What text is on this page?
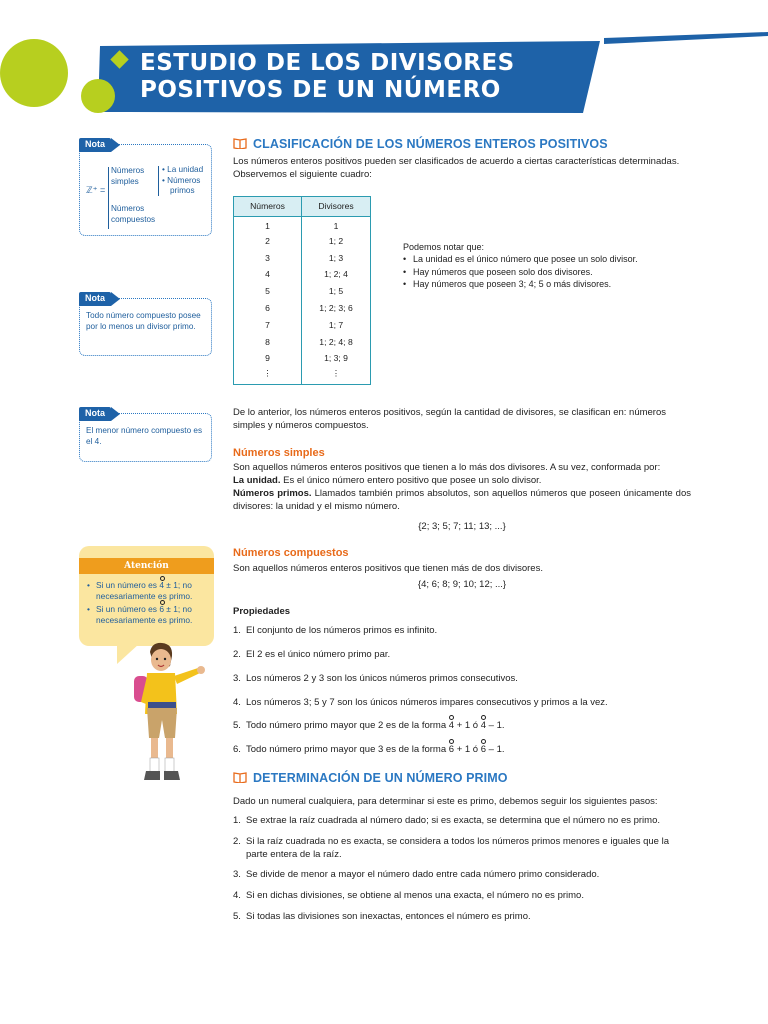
ESTUDIO DE LOS DIVISORES
POSITIVOS DE UN NÚMERO
Nota
ℤ⁺ =
Números simples
Números compuestos
• La unidad
• Números primos
Nota
Todo número compuesto posee por lo menos un divisor primo.
Nota
El menor número compuesto es el 4.
Atención
• Si un número es 4 ± 1; no necesariamente es primo.
• Si un número es 6 ± 1; no necesariamente es primo.
CLASIFICACIÓN DE LOS NÚMEROS ENTEROS POSITIVOS
Los números enteros positivos pueden ser clasificados de acuerdo a ciertas características determinadas. Observemos el siguiente cuadro:
Números	Divisores
1	1
2	1; 2
3	1; 3
4	1; 2; 4
5	1; 5
6	1; 2; 3; 6
7	1; 7
8	1; 2; 4; 8
9	1; 3; 9
⋮	⋮
Podemos notar que:
• La unidad es el único número que posee un solo divisor.
• Hay números que poseen solo dos divisores.
• Hay números que poseen 3; 4; 5 o más divisores.
De lo anterior, los números enteros positivos, según la cantidad de divisores, se clasifican en: números simples y números compuestos.
Números simples
Son aquellos números enteros positivos que tienen a lo más dos divisores. A su vez, conformada por:
La unidad. Es el único número entero positivo que posee un solo divisor.
Números primos. Llamados también primos absolutos, son aquellos números que poseen únicamente dos divisores: la unidad y el mismo número.
{2; 3; 5; 7; 11; 13; ...}
Números compuestos
Son aquellos números enteros positivos que tienen más de dos divisores.
{4; 6; 8; 9; 10; 12; ...}
Propiedades
1. El conjunto de los números primos es infinito.
2. El 2 es el único número primo par.
3. Los números 2 y 3 son los únicos números primos consecutivos.
4. Los números 3; 5 y 7 son los únicos números impares consecutivos y primos a la vez.
5. Todo número primo mayor que 2 es de la forma 4 + 1 ó 4 – 1.
6. Todo número primo mayor que 3 es de la forma 6 + 1 ó 6 – 1.
DETERMINACIÓN DE UN NÚMERO PRIMO
Dado un numeral cualquiera, para determinar si este es primo, debemos seguir los siguientes pasos:
1. Se extrae la raíz cuadrada al número dado; si es exacta, se determina que el número no es primo.
2. Si la raíz cuadrada no es exacta, se considera a todos los números primos menores e iguales que la parte entera de la raíz.
3. Se divide de menor a mayor el número dado entre cada número primo considerado.
4. Si en dichas divisiones, se obtiene al menos una exacta, el número no es primo.
5. Si todas las divisiones son inexactas, entonces el número es primo.
